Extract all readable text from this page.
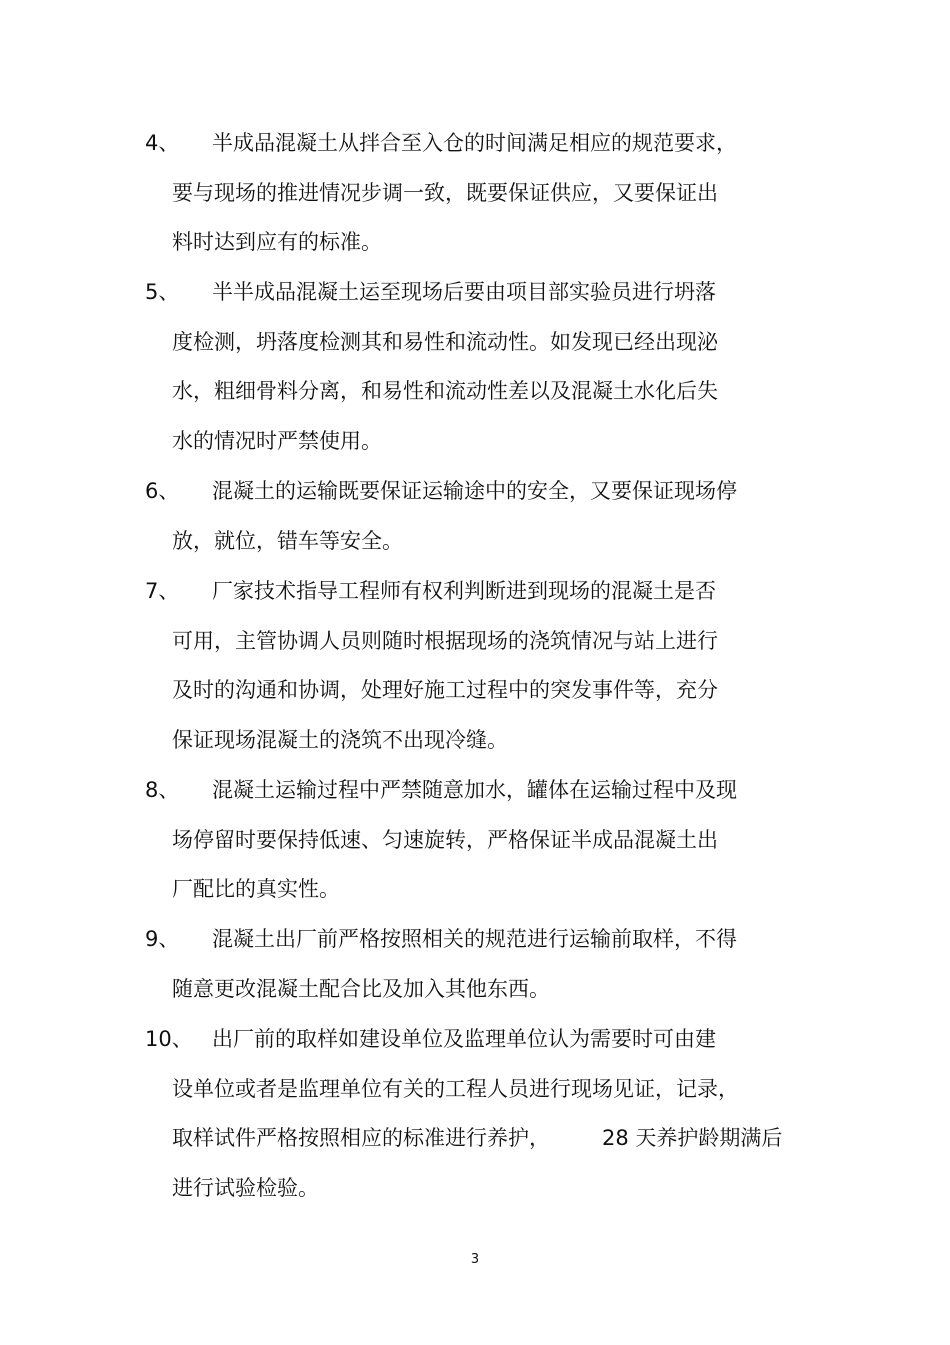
4、 半成品混凝土从拌合至入仓的时间满足相应的规范要求，
要与现场的推进情况步调一致，既要保证供应，又要保证出
料时达到应有的标准。
5、 半半成品混凝土运至现场后要由项目部实验员进行坍落
度检测，坍落度检测其和易性和流动性。如发现已经出现泌
水，粗细骨料分离，和易性和流动性差以及混凝土水化后失
水的情况时严禁使用。
6、 混凝土的运输既要保证运输途中的安全，又要保证现场停
放，就位，错车等安全。
7、 厂家技术指导工程师有权利判断进到现场的混凝土是否
可用，主管协调人员则随时根据现场的浇筑情况与站上进行
及时的沟通和协调，处理好施工过程中的突发事件等，充分
保证现场混凝土的浇筑不出现冷缝。
8、 混凝土运输过程中严禁随意加水，罐体在运输过程中及现
场停留时要保持低速、匀速旋转，严格保证半成品混凝土出
厂配比的真实性。
9、 混凝土出厂前严格按照相关的规范进行运输前取样，不得
随意更改混凝土配合比及加入其他东西。
10、 出厂前的取样如建设单位及监理单位认为需要时可由建
设单位或者是监理单位有关的工程人员进行现场见证，记录，
取样试件严格按照相应的标准进行养护， 28 天养护龄期满后
进行试验检验。
3
